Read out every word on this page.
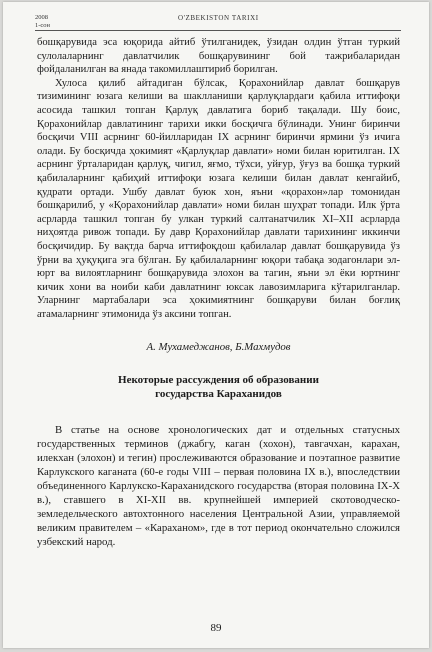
2008
1-сон
O'ZBEKISTON TARIXI

бошқарувида эса юқорида айтиб ўтилганидек, ўзидан олдин ўтган туркий сулолаларнинг давлатчилик бошқарувининг бой тажрибаларидан фойдаланилган ва янада такомиллаштириб борилган.

Хулоса қилиб айтадиган бўлсак, Қорахонийлар давлат бошқарув тизимининг юзага келиши ва шаклланиши қарлуқлардаги қабила иттифоқи асосида ташкил топган Қарлуқ давлатига бориб тақалади. Шу боис, Қорахонийлар давлатининг тарихи икки босқичга бўлинади. Унинг биринчи босқичи VIII асрнинг 60-йилларидан IX асрнинг биринчи ярмини ўз ичига олади. Бу босқичда ҳокимият «Қарлуқлар давлати» номи билан юритилган. IX асрнинг ўрталаридан қарлуқ, чигил, яғмо, тўхси, уйғур, ўғуз ва бошқа туркий қабилаларнинг қабиҳий иттифоқи юзага келиши билан давлат кенгайиб, қудрати ортади. Ушбу давлат буюк хон, яъни «қорахон»лар томонидан бошқарилиб, у «Қорахонийлар давлати» номи билан шуҳрат топади. Илк ўрта асрларда ташкил топган бу улкан туркий салтанатчилик XI–XII асрларда ниҳоятда ривож топади. Бу давр Қорахонийлар давлати тарихининг иккинчи босқичидир. Бу вақтда барча иттифоқдош қабилалар давлат бошқарувида ўз ўрни ва ҳуқуқига эга бўлган. Бу қабилаларнинг юқори табақа зодагонлари эл-юрт ва вилоятларнинг бошқарувида элохон ва тагин, яъни эл ёки юртнинг кичик хони ва ноиби каби давлатнинг юксак лавозимларига кўтарилганлар. Уларнинг мартабалари эса ҳокимиятнинг бошқаруви билан боғлиқ атамаларнинг этимонида ўз аксини топган.

А. Мухамеджанов, Б.Махмудов
Некоторые рассуждения об образовании
государства Караханидов

В статье на основе хронологических дат и отдельных статусных государственных терминов (джабгу, каган (хохон), тавгачхан, карахан, илекхан (элохон) и тегин) прослеживаются образование и поэтапное развитие Карлукского каганата (60-е годы VIII – первая половина IX в.), впоследствии объединенного Карлукско-Караханидского государства (вторая половина IX-X в.), ставшего в XI-XII вв. крупнейшей империей скотоводческо-земледельческого автохтонного населения Центральной Азии, управляемой великим правителем – «Караханом», где в тот период окончательно сложился узбекский народ.

89
